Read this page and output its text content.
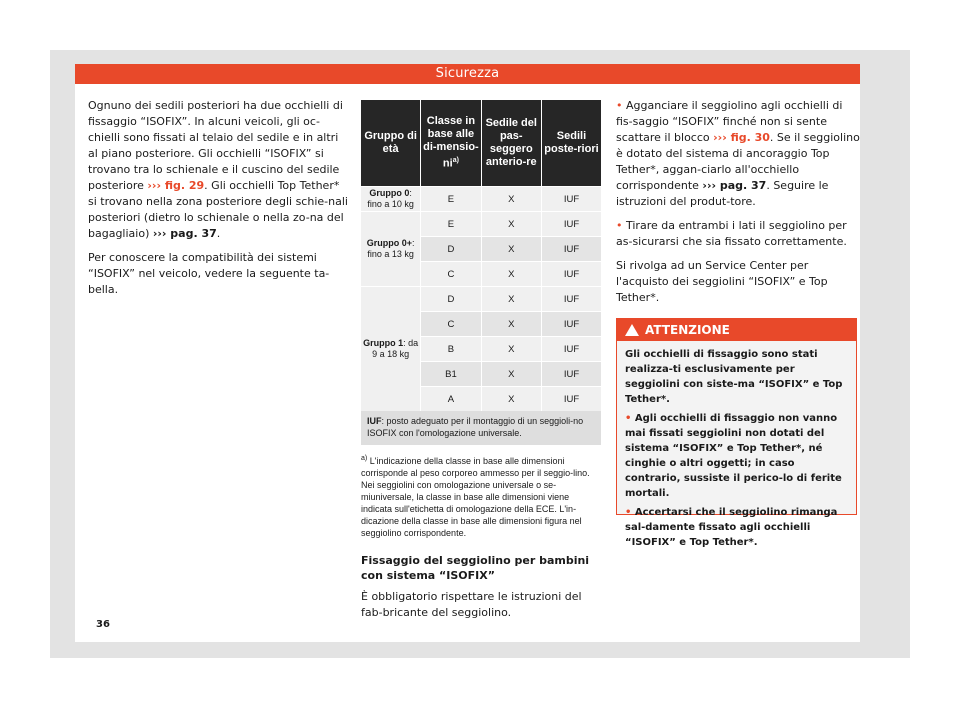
Sicurezza

Ognuno dei sedili posteriori ha due occhielli di fissaggio “ISOFIX”. In alcuni veicoli, gli oc-chielli sono fissati al telaio del sedile e in altri al piano posteriore. Gli occhielli “ISOFIX” si trovano tra lo schienale e il cuscino del sedile posteriore ››› fig. 29. Gli occhielli Top Tether* si trovano nella zona posteriore degli schie-nali posteriori (dietro lo schienale o nella zo-na del bagagliaio) ››› pag. 37.

Per conoscere la compatibilità dei sistemi “ISOFIX” nel veicolo, vedere la seguente ta-bella.

Gruppo di età	Classe in base alle $di-mensio-ni^{a)}$	Sedile del pas-seggero anterio-re	Sedili poste-riori
Gruppo 0: fino a 10 kg	E	X	IUF
Gruppo 0+: fino a 13 kg	E	X	IUF
	D	X	IUF
	C	X	IUF
Gruppo 1: da 9 a 18 kg	D	X	IUF
	C	X	IUF
	B	X	IUF
	B1	X	IUF
	A	X	IUF
IUF: posto adeguato per il montaggio di un seggioli-no ISOFIX con l'omologazione universale.
$^{a)}$ L'indicazione della classe in base alle dimensioni corrisponde al peso corporeo ammesso per il seggio-lino. Nei seggiolini con omologazione universale o se-miuniversale, la classe in base alle dimensioni viene indicata sull'etichetta di omologazione della ECE. L'in-dicazione della classe in base alle dimensioni figura nel seggiolino corrispondente.
Fissaggio del seggiolino per bambini con sistema “ISOFIX”

È obbligatorio rispettare le istruzioni del fab-bricante del seggiolino.

• Agganciare il seggiolino agli occhielli di fis-saggio “ISOFIX” finché non si sente scattare il blocco ››› fig. 30. Se il seggiolino è dotato del sistema di ancoraggio Top Tether*, aggan-ciarlo all'occhiello corrispondente ››› pag. 37. Seguire le istruzioni del produt-tore.

• Tirare da entrambi i lati il seggiolino per as-sicurarsi che sia fissato correttamente.

Si rivolga ad un Service Center per l'acquisto dei seggiolini “ISOFIX” e Top Tether*.

ATTENZIONE

Gli occhielli di fissaggio sono stati realizza-ti esclusivamente per seggiolini con siste-ma “ISOFIX” e Top Tether*.

• Agli occhielli di fissaggio non vanno mai fissati seggiolini non dotati del sistema “ISOFIX” e Top Tether*, né cinghie o altri oggetti; in caso contrario, sussiste il perico-lo di ferite mortali.

• Accertarsi che il seggiolino rimanga sal-damente fissato agli occhielli “ISOFIX” e Top Tether*.

36
